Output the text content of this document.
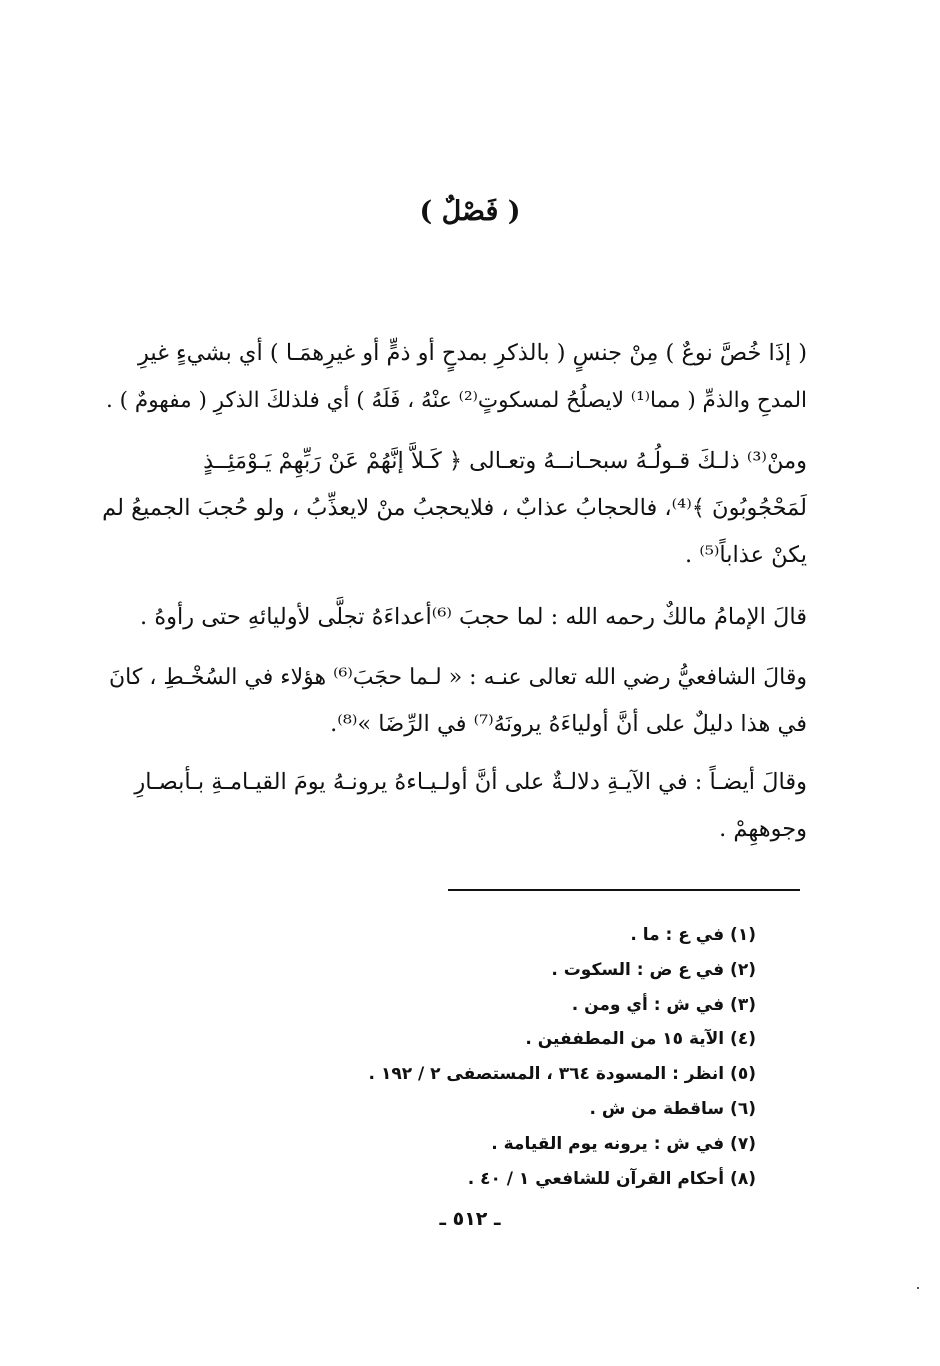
( فَصْلٌ )
( إذَا خُصَّ نوعٌ ) مِنْ جنسٍ ( بالذكرِ بمدحٍ أو ذمٍّ أو غيرِهمَـا ) أي بشيءٍ غيرِ
المدحِ والذمِّ ( مما⁽¹⁾ لايصلُحُ لمسكوتٍ⁽²⁾ عنْهُ ، فَلَهُ ) أي فلذلكَ الذكرِ ( مفهومٌ ) .
ومنْ⁽³⁾ ذلـكَ قـولُـهُ سبحـانــهُ وتعـالى ﴿ كَـلاَّ إنَّهُمْ عَنْ رَبِّهِمْ يَـوْمَئِــذٍ
لَمَحْجُوبُونَ ﴾⁽⁴⁾، فالحجابُ عذابٌ ، فلايحجبُ منْ لايعذِّبُ ، ولو حُجبَ الجميعُ لم
يكنْ عذاباً⁽⁵⁾ .
قالَ الإمامُ مالكٌ رحمه الله : لما حجبَ ⁽⁶⁾أعداءَهُ تجلَّى لأوليائهِ حتى رأوهُ .
وقالَ الشافعيُّ رضي الله تعالى عنـه : « لـما حجَبَ⁽⁶⁾ هؤلاء في السُخْـطِ ، كانَ
في هذا دليلٌ على أنَّ أولياءَهُ يرونَهُ⁽⁷⁾ في الرِّضَا »⁽⁸⁾.
وقالَ أيضـاً : في الآيـةِ دلالـةٌ على أنَّ أولـيـاءهُ يرونـهُ يومَ القيـامـةِ بـأبصـارِ
وجوههِمْ .
(١) في ع : ما .
(٢) في ع ض : السكوت .
(٣) في ش : أي ومن .
(٤) الآية ١٥ من المطففين .
(٥) انظر : المسودة ٣٦٤ ، المستصفى ٢ / ١٩٢ .
(٦) ساقطة من ش .
(٧) في ش : يرونه يوم القيامة .
(٨) أحكام القرآن للشافعي ١ / ٤٠ .
ـ ٥١٢ ـ
